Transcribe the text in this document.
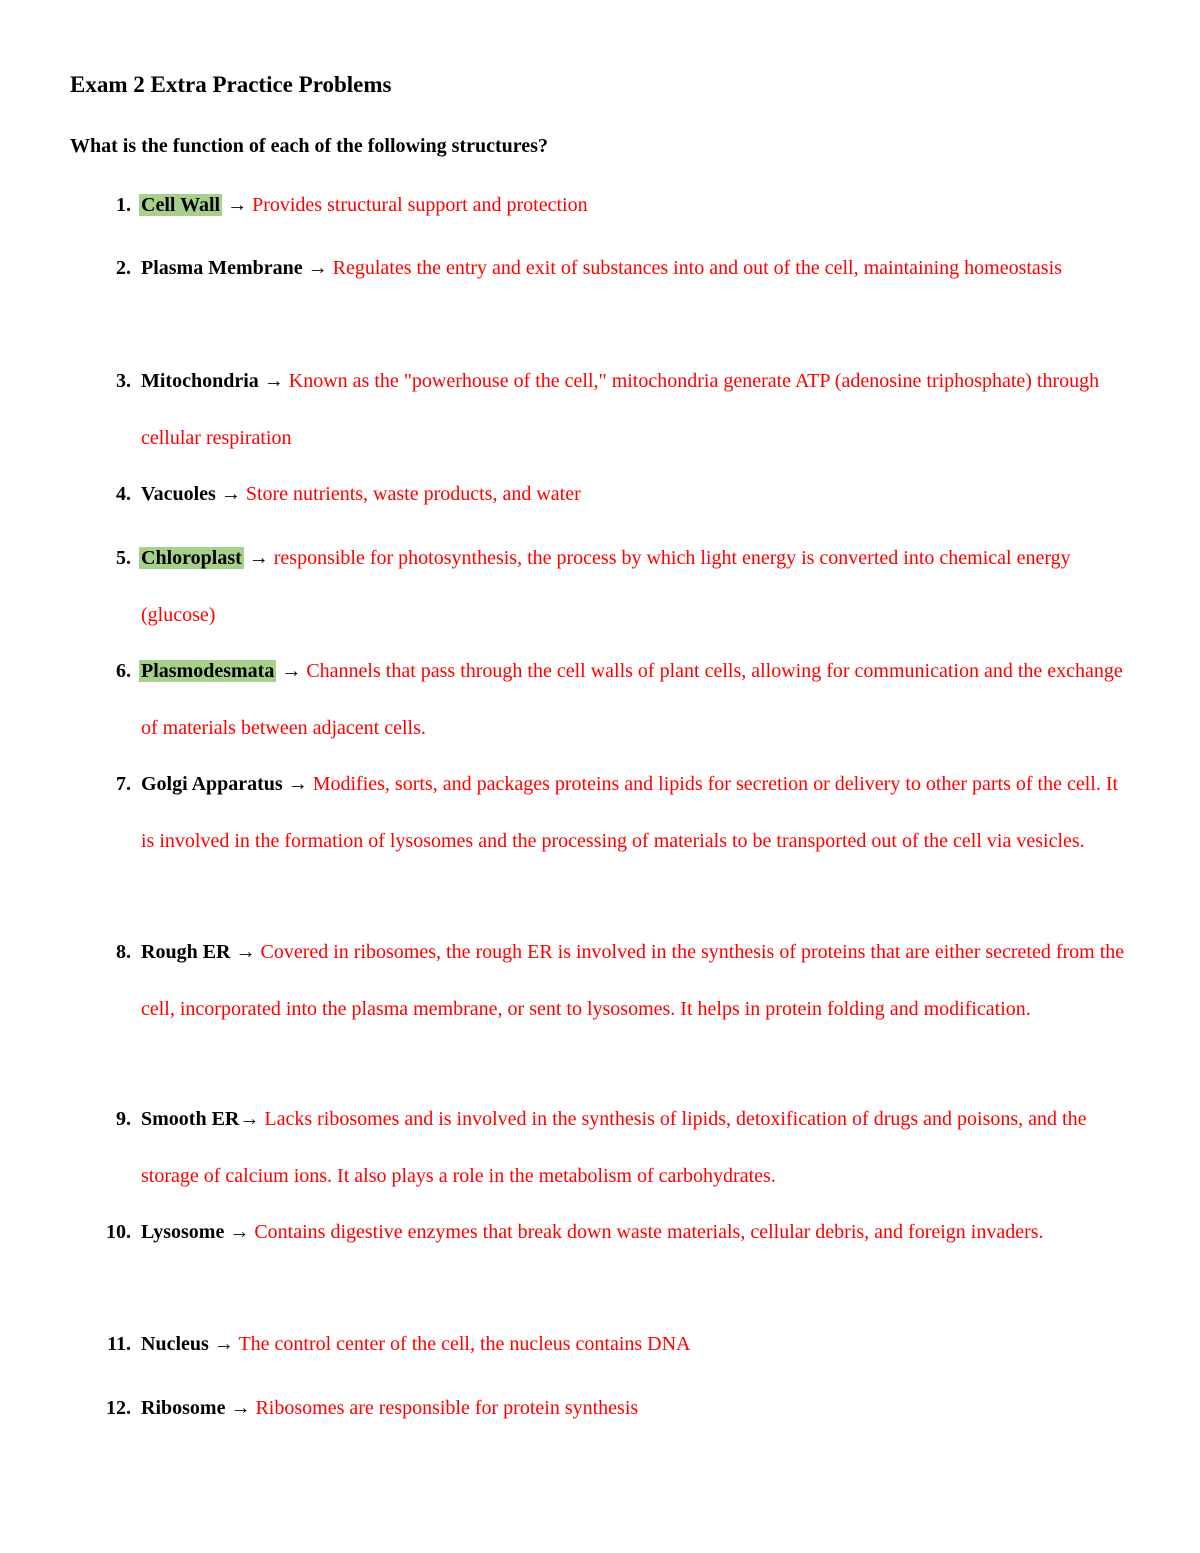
Exam 2 Extra Practice Problems

What is the function of each of the following structures?

1. Cell Wall → Provides structural support and protection
2. Plasma Membrane → Regulates the entry and exit of substances into and out of the cell, maintaining homeostasis
3. Mitochondria → Known as the "powerhouse of the cell," mitochondria generate ATP (adenosine triphosphate) through cellular respiration
4. Vacuoles → Store nutrients, waste products, and water
5. Chloroplast → responsible for photosynthesis, the process by which light energy is converted into chemical energy (glucose)
6. Plasmodesmata → Channels that pass through the cell walls of plant cells, allowing for communication and the exchange of materials between adjacent cells.
7. Golgi Apparatus → Modifies, sorts, and packages proteins and lipids for secretion or delivery to other parts of the cell. It is involved in the formation of lysosomes and the processing of materials to be transported out of the cell via vesicles.
8. Rough ER → Covered in ribosomes, the rough ER is involved in the synthesis of proteins that are either secreted from the cell, incorporated into the plasma membrane, or sent to lysosomes. It helps in protein folding and modification.
9. Smooth ER→ Lacks ribosomes and is involved in the synthesis of lipids, detoxification of drugs and poisons, and the storage of calcium ions. It also plays a role in the metabolism of carbohydrates.
10. Lysosome → Contains digestive enzymes that break down waste materials, cellular debris, and foreign invaders.
11. Nucleus → The control center of the cell, the nucleus contains DNA
12. Ribosome → Ribosomes are responsible for protein synthesis
